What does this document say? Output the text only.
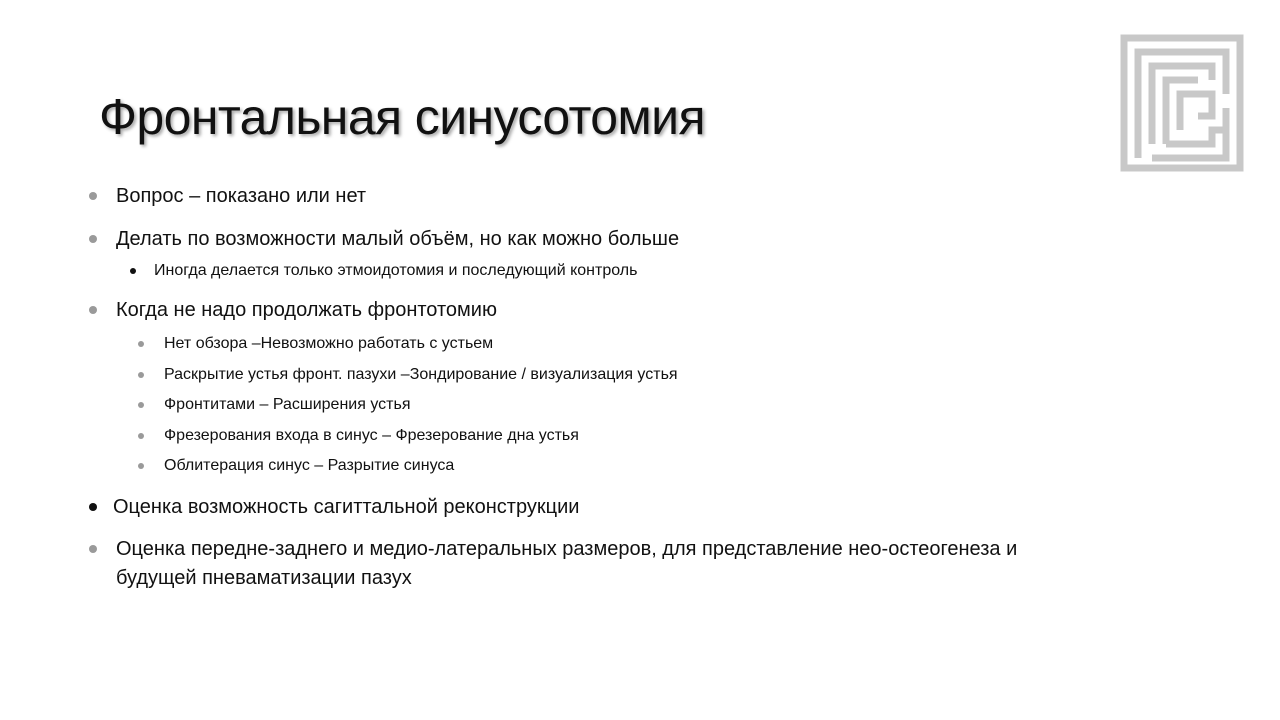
Фронтальная синусотомия
Вопрос – показано или нет
Делать по возможности малый объём, но как можно больше
Иногда делается только этмоидотомия и последующий контроль
Когда не надо продолжать фронтотомию
Нет обзора –Невозможно работать с устьем
Раскрытие устья фронт. пазухи –Зондирование / визуализация устья
Фронтитами – Расширения устья
Фрезерования входа в синус – Фрезерование дна устья
Облитерация синус – Разрытие синуса
Оценка возможность сагиттальной реконструкции
Оценка передне-заднего и медио-латеральных размеров, для представление нео-остеогенеза и
будущей пневаматизации пазух
